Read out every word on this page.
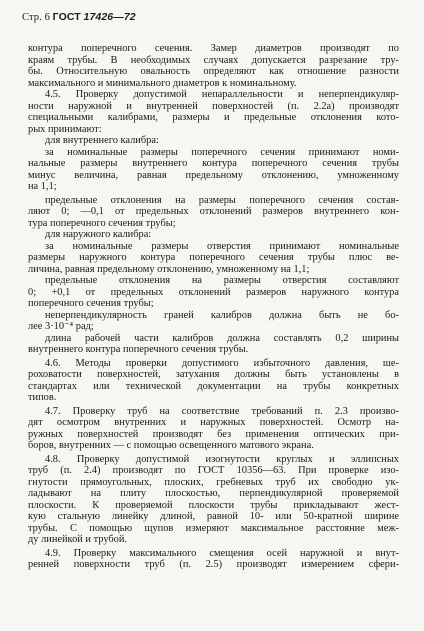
Стр. 6 ГОСТ 17426—72
контура поперечного сечения. Замер диаметров производят по
краям трубы. В необходимых случаях допускается разрезание тру-
бы. Относительную овальность определяют как отношение разности
максимального и минимального диаметров к номинальному.
4.5. Проверку допустимой непараллельности и неперпендикуляр-
ности наружной и внутренней поверхностей (п. 2.2а) производят
специальными калибрами, размеры и предельные отклонения кото-
рых принимают:
для внутреннего калибра:
за номинальные размеры поперечного сечения принимают номи-
нальные размеры внутреннего контура поперечного сечения трубы
минус величина, равная предельному отклонению, умноженному
на 1,1;
предельные отклонения на размеры поперечного сечения состав-
ляют 0; —0,1 от предельных отклонений размеров внутреннего кон-
тура поперечного сечения трубы;
для наружного калибра:
за номинальные размеры отверстия принимают номинальные
размеры наружного контура поперечного сечения трубы плюс ве-
личина, равная предельному отклонению, умноженному на 1,1;
предельные отклонения на размеры отверстия составляют
0; +0,1 от предельных отклонений размеров наружного контура
поперечного сечения трубы;
неперпендикулярность граней калибров должна быть не бо-
лее 3·10⁻⁴ рад;
длина рабочей части калибров должна составлять 0,2 ширины
внутреннего контура поперечного сечения трубы.
4.6. Методы проверки допустимого избыточного давления, ше-
роховатости поверхностей, затухания должны быть установлены в
стандартах или технической документации на трубы конкретных
типов.
4.7. Проверку труб на соответствие требований п. 2.3 произво-
дят осмотром внутренних и наружных поверхностей. Осмотр на-
ружных поверхностей производят без применения оптических при-
боров, внутренних — с помощью освещенного матового экрана.
4.8. Проверку допустимой изогнутости круглых и эллипсных
труб (п. 2.4) производят по ГОСТ 10356—63. При проверке изо-
гнутости прямоугольных, плоских, гребневых труб их свободно ук-
ладывают на плиту плоскостью, перпендикулярной проверяемой
плоскости. К проверяемой плоскости трубы прикладывают жест-
кую стальную линейку длиной, равной 10- или 50-кратной ширине
трубы. С помощью щупов измеряют максимальное расстояние меж-
ду линейкой и трубой.
4.9. Проверку максимального смещения осей наружной и внут-
ренней поверхности труб (п. 2.5) производят измерением сфери-
